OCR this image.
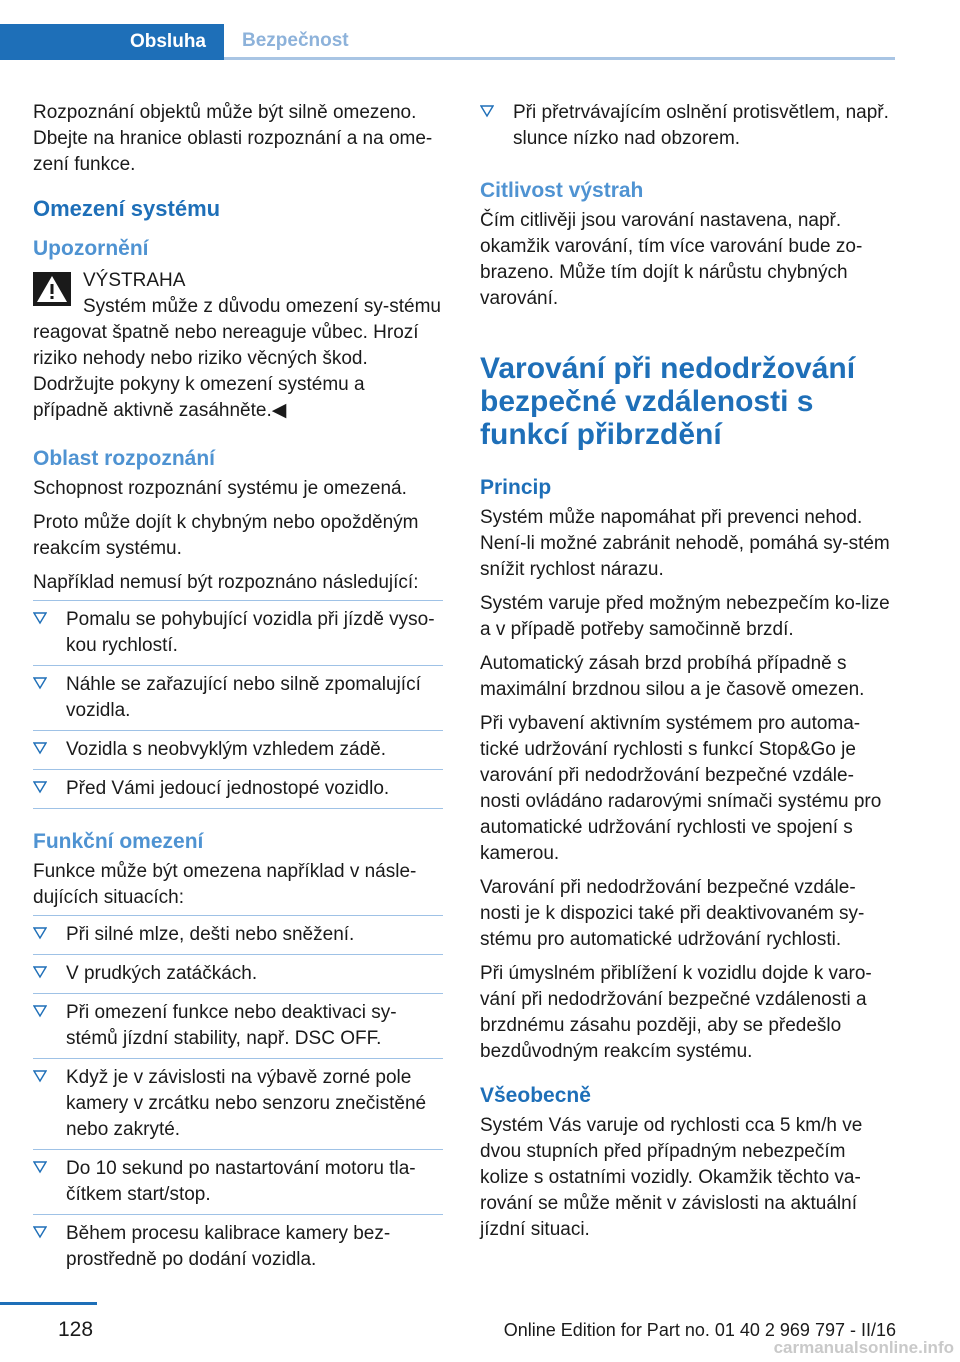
Obsluha	Bezpečnost

Rozpoznání objektů může být silně omezeno. Dbejte na hranice oblasti rozpoznání a na ome‐zení funkce.

Omezení systému
Upozornění
VÝSTRAHA

Systém může z důvodu omezení sy‐stému reagovat špatně nebo nereaguje vůbec. Hrozí riziko nehody nebo riziko věcných škod. Dodržujte pokyny k omezení systému a případně aktivně zasáhněte.◀

Oblast rozpoznání

Schopnost rozpoznání systému je omezená.

Proto může dojít k chybným nebo opožděným reakcím systému.

Například nemusí být rozpoznáno následující:

Pomalu se pohybující vozidla při jízdě vyso‐kou rychlostí.
Náhle se zařazující nebo silně zpomalující vozidla.
Vozidla s neobvyklým vzhledem zádě.
Před Vámi jedoucí jednostopé vozidlo.
Funkční omezení

Funkce může být omezena například v násle‐dujících situacích:

Při silné mlze, dešti nebo sněžení.
V prudkých zatáčkách.
Při omezení funkce nebo deaktivaci sy‐stémů jízdní stability, např. DSC OFF.
Když je v závislosti na výbavě zorné pole kamery v zrcátku nebo senzoru znečistěné nebo zakryté.
Do 10 sekund po nastartování motoru tla‐čítkem start/stop.
Během procesu kalibrace kamery bez‐prostředně po dodání vozidla.
Při přetrvávajícím oslnění protisvětlem, např. slunce nízko nad obzorem.
Citlivost výstrah

Čím citlivěji jsou varování nastavena, např. okamžik varování, tím více varování bude zo‐brazeno. Může tím dojít k nárůstu chybných varování.

Varování při nedodržování bezpečné vzdálenosti s funkcí přibrzdění
Princip

Systém může napomáhat při prevenci nehod. Není-li možné zabránit nehodě, pomáhá sy‐stém snížit rychlost nárazu.

Systém varuje před možným nebezpečím ko‐lize a v případě potřeby samočinně brzdí.

Automatický zásah brzd probíhá případně s maximální brzdnou silou a je časově omezen.

Při vybavení aktivním systémem pro automa‐tické udržování rychlosti s funkcí Stop&Go je varování při nedodržování bezpečné vzdále‐nosti ovládáno radarovými snímači systému pro automatické udržování rychlosti ve spojení s kamerou.

Varování při nedodržování bezpečné vzdále‐nosti je k dispozici také při deaktivovaném sy‐stému pro automatické udržování rychlosti.

Při úmyslném přiblížení k vozidlu dojde k varo‐vání při nedodržování bezpečné vzdálenosti a brzdnému zásahu později, aby se předešlo bezdůvodným reakcím systému.

Všeobecně

Systém Vás varuje od rychlosti cca 5 km/h ve dvou stupních před případným nebezpečím kolize s ostatními vozidly. Okamžik těchto va‐rování se může měnit v závislosti na aktuální jízdní situaci.

128	Online Edition for Part no. 01 40 2 969 797 - II/16
carmanualsonline.info
